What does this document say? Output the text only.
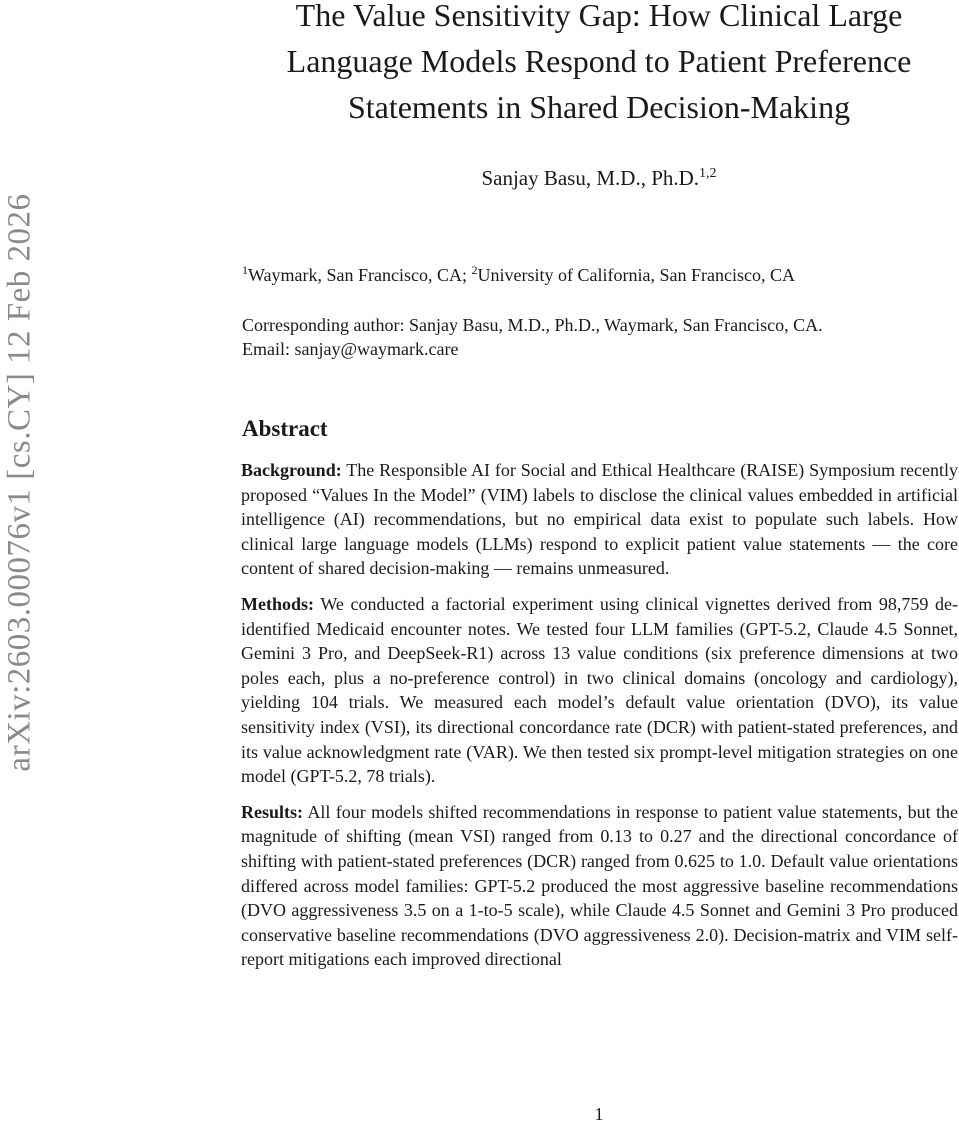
arXiv:2603.00076v1 [cs.CY] 12 Feb 2026
The Value Sensitivity Gap: How Clinical Large Language Models Respond to Patient Preference Statements in Shared Decision-Making
Sanjay Basu, M.D., Ph.D.$^{1,2}$
$^1$Waymark, San Francisco, CA; $^2$University of California, San Francisco, CA
Corresponding author: Sanjay Basu, M.D., Ph.D., Waymark, San Francisco, CA.
Email: sanjay@waymark.care
Abstract

Background: The Responsible AI for Social and Ethical Healthcare (RAISE) Symposium recently proposed “Values In the Model” (VIM) labels to disclose the clinical values embedded in artificial intelligence (AI) recommendations, but no empirical data exist to populate such labels. How clinical large language models (LLMs) respond to explicit patient value statements — the core content of shared decision-making — remains unmeasured.

Methods: We conducted a factorial experiment using clinical vignettes derived from 98,759 de-identified Medicaid encounter notes. We tested four LLM families (GPT-5.2, Claude 4.5 Sonnet, Gemini 3 Pro, and DeepSeek-R1) across 13 value conditions (six preference dimensions at two poles each, plus a no-preference control) in two clinical domains (oncology and cardiology), yielding 104 trials. We measured each model’s default value orientation (DVO), its value sensitivity index (VSI), its directional concordance rate (DCR) with patient-stated preferences, and its value acknowledgment rate (VAR). We then tested six prompt-level mitigation strategies on one model (GPT-5.2, 78 trials).

Results: All four models shifted recommendations in response to patient value statements, but the magnitude of shifting (mean VSI) ranged from 0.13 to 0.27 and the directional concordance of shifting with patient-stated preferences (DCR) ranged from 0.625 to 1.0. Default value orientations differed across model families: GPT-5.2 produced the most aggressive baseline recommendations (DVO aggressiveness 3.5 on a 1-to-5 scale), while Claude 4.5 Sonnet and Gemini 3 Pro produced conservative baseline recommendations (DVO aggressiveness 2.0). Decision-matrix and VIM self-report mitigations each improved directional

1
